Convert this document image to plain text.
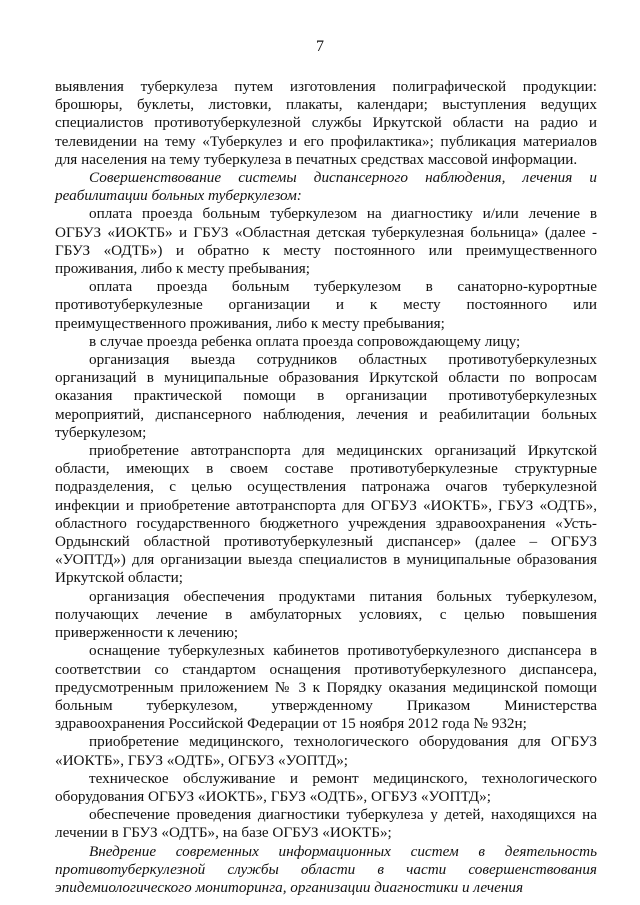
7
выявления туберкулеза путем изготовления полиграфической продукции:
брошюры, буклеты, листовки, плакаты, календари; выступления ведущих
специалистов противотуберкулезной службы Иркутской области на радио и
телевидении на тему «Туберкулез и его профилактика»; публикация материалов
для населения на тему туберкулеза в печатных средствах массовой информации.
Совершенствование системы диспансерного наблюдения, лечения и
реабилитации больных туберкулезом:
оплата проезда больным туберкулезом на диагностику и/или лечение в
ОГБУЗ «ИОКТБ» и ГБУЗ «Областная детская туберкулезная больница» (далее -
ГБУЗ «ОДТБ») и обратно к месту постоянного или преимущественного
проживания, либо к месту пребывания;
оплата проезда больным туберкулезом в санаторно-курортные
противотуберкулезные организации и к месту постоянного или
преимущественного проживания, либо к месту пребывания;
в случае проезда ребенка оплата проезда сопровождающему лицу;
организация выезда сотрудников областных противотуберкулезных
организаций в муниципальные образования Иркутской области по вопросам
оказания практической помощи в организации противотуберкулезных
мероприятий, диспансерного наблюдения, лечения и реабилитации больных
туберкулезом;
приобретение автотранспорта для медицинских организаций Иркутской
области, имеющих в своем составе противотуберкулезные структурные
подразделения, с целью осуществления патронажа очагов туберкулезной
инфекции и приобретение автотранспорта для ОГБУЗ «ИОКТБ», ГБУЗ «ОДТБ»,
областного государственного бюджетного учреждения здравоохранения «Усть-
Ордынский областной противотуберкулезный диспансер» (далее – ОГБУЗ
«УОПТД») для организации выезда специалистов в муниципальные образования
Иркутской области;
организация обеспечения продуктами питания больных туберкулезом,
получающих лечение в амбулаторных условиях, с целью повышения
приверженности к лечению;
оснащение туберкулезных кабинетов противотуберкулезного диспансера в
соответствии со стандартом оснащения противотуберкулезного диспансера,
предусмотренным приложением № 3 к Порядку оказания медицинской помощи
больным туберкулезом, утвержденному Приказом Министерства
здравоохранения Российской Федерации от 15 ноября 2012 года № 932н;
приобретение медицинского, технологического оборудования для ОГБУЗ
«ИОКТБ», ГБУЗ «ОДТБ», ОГБУЗ «УОПТД»;
техническое обслуживание и ремонт медицинского, технологического
оборудования ОГБУЗ «ИОКТБ», ГБУЗ «ОДТБ», ОГБУЗ «УОПТД»;
обеспечение проведения диагностики туберкулеза у детей, находящихся на
лечении в ГБУЗ «ОДТБ», на базе ОГБУЗ «ИОКТБ»;
Внедрение современных информационных систем в деятельность
противотуберкулезной службы области в части совершенствования
эпидемиологического мониторинга, организации диагностики и лечения
